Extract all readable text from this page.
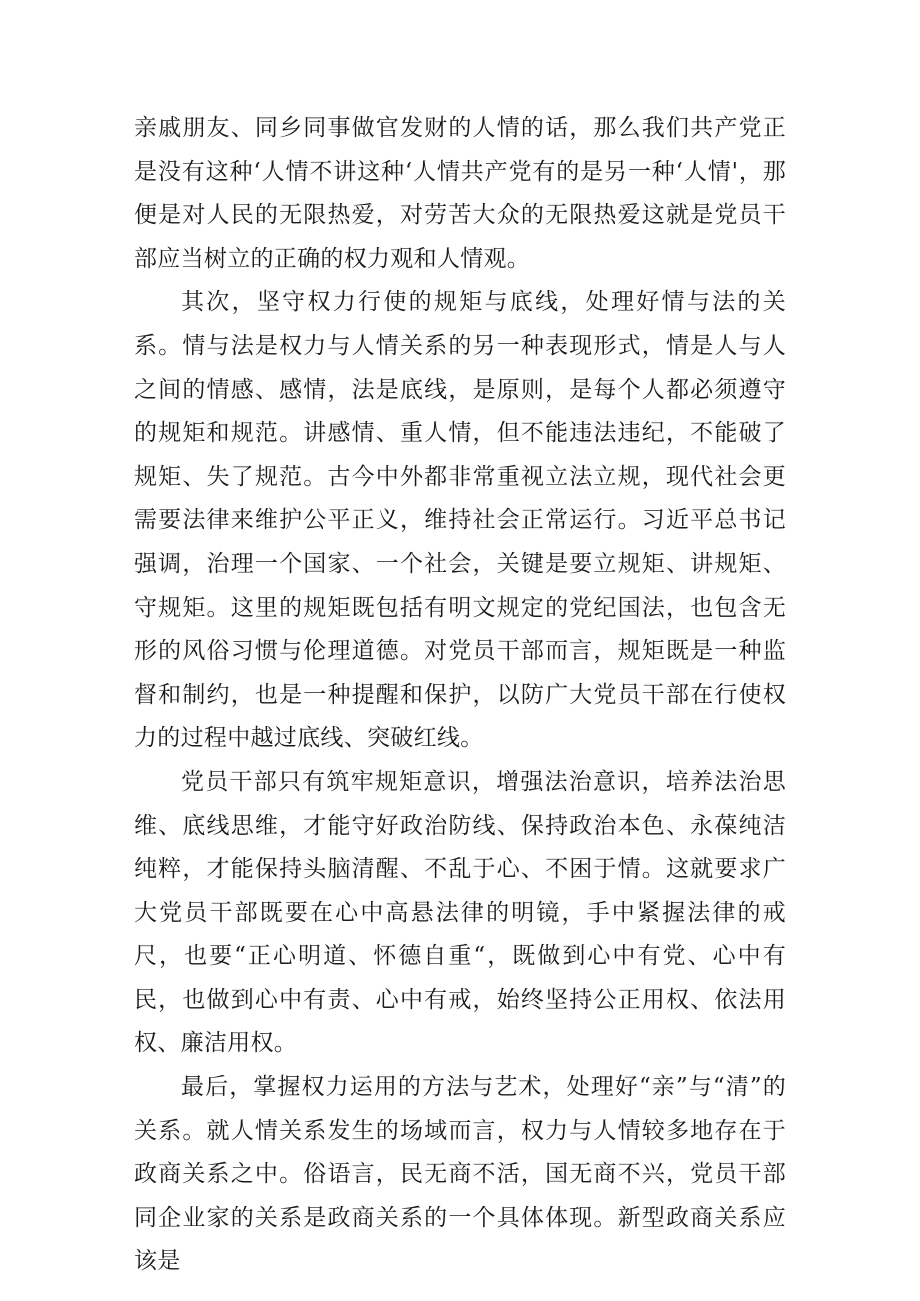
亲戚朋友、同乡同事做官发财的人情的话，那么我们共产党正是没有这种‘人情不讲这种‘人情共产党有的是另一种‘人情'，那便是对人民的无限热爱，对劳苦大众的无限热爱这就是党员干部应当树立的正确的权力观和人情观。

其次，坚守权力行使的规矩与底线，处理好情与法的关系。情与法是权力与人情关系的另一种表现形式，情是人与人之间的情感、感情，法是底线，是原则，是每个人都必须遵守的规矩和规范。讲感情、重人情，但不能违法违纪，不能破了规矩、失了规范。古今中外都非常重视立法立规，现代社会更需要法律来维护公平正义，维持社会正常运行。习近平总书记强调，治理一个国家、一个社会，关键是要立规矩、讲规矩、守规矩。这里的规矩既包括有明文规定的党纪国法，也包含无形的风俗习惯与伦理道德。对党员干部而言，规矩既是一种监督和制约，也是一种提醒和保护，以防广大党员干部在行使权力的过程中越过底线、突破红线。

党员干部只有筑牢规矩意识，增强法治意识，培养法治思维、底线思维，才能守好政治防线、保持政治本色、永葆纯洁纯粹，才能保持头脑清醒、不乱于心、不困于情。这就要求广大党员干部既要在心中高悬法律的明镜，手中紧握法律的戒尺，也要“正心明道、怀德自重“，既做到心中有党、心中有民，也做到心中有责、心中有戒，始终坚持公正用权、依法用权、廉洁用权。

最后，掌握权力运用的方法与艺术，处理好“亲”与“清”的关系。就人情关系发生的场域而言，权力与人情较多地存在于政商关系之中。俗语言，民无商不活，国无商不兴，党员干部同企业家的关系是政商关系的一个具体体现。新型政商关系应该是
